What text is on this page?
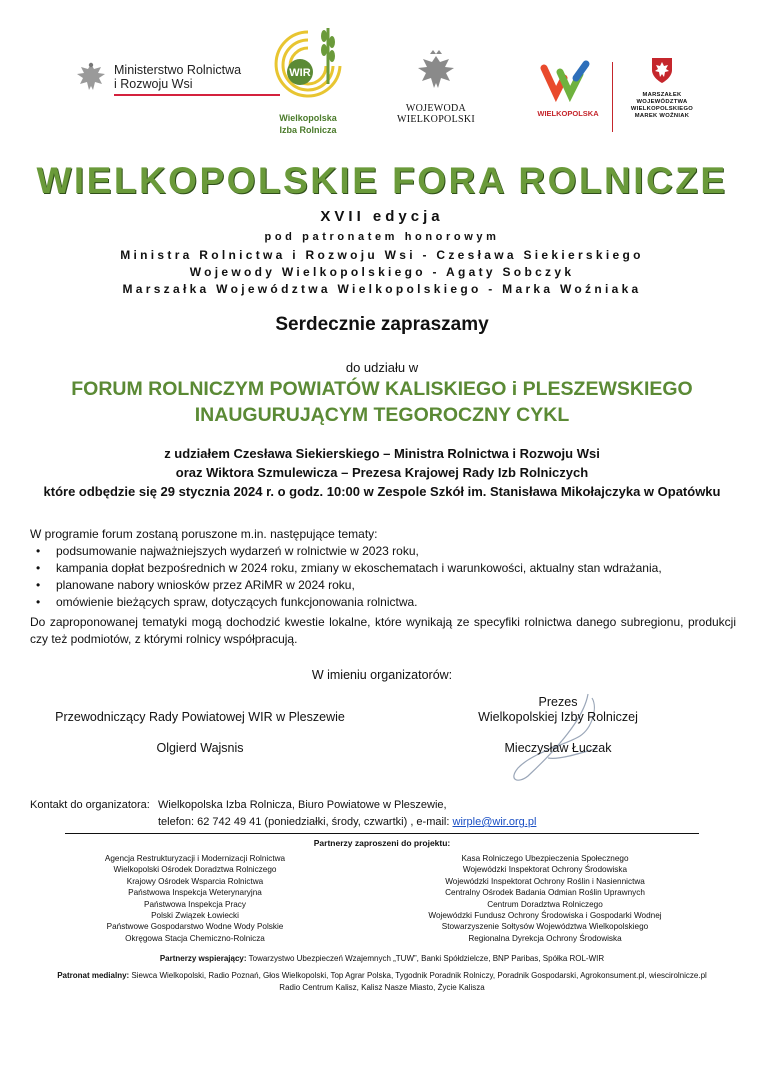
Ministerstwo Rolnictwa
i Rozwoju Wsi
WIR
Wielkopolska
Izba Rolnicza
WOJEWODA WIELKOPOLSKI
WIELKOPOLSKA
MARSZAŁEK
WOJEWÓDZTWA
WIELKOPOLSKIEGO
MAREK WOŹNIAK
WIELKOPOLSKIE FORA ROLNICZE
XVII edycja
pod patronatem honorowym
Ministra Rolnictwa i Rozwoju Wsi - Czesława Siekierskiego
Wojewody Wielkopolskiego - Agaty Sobczyk
Marszałka Województwa Wielkopolskiego - Marka Woźniaka
Serdecznie zapraszamy
do udziału w
FORUM ROLNICZYM POWIATÓW KALISKIEGO i PLESZEWSKIEGO
INAUGURUJĄCYM TEGOROCZNY CYKL
z udziałem Czesława Siekierskiego – Ministra Rolnictwa i Rozwoju Wsi
oraz Wiktora Szmulewicza – Prezesa Krajowej Rady Izb Rolniczych
które odbędzie się 29 stycznia 2024 r. o godz. 10:00 w Zespole Szkół im. Stanisława Mikołajczyka w Opatówku
W programie forum zostaną poruszone m.in. następujące tematy:
• podsumowanie najważniejszych wydarzeń w rolnictwie w 2023 roku,
• kampania dopłat bezpośrednich w 2024 roku, zmiany w ekoschematach i warunkowości, aktualny stan wdrażania,
• planowane nabory wniosków przez ARiMR w 2024 roku,
• omówienie bieżących spraw, dotyczących funkcjonowania rolnictwa.
Do zaproponowanej tematyki mogą dochodzić kwestie lokalne, które wynikają ze specyfiki rolnictwa danego subregionu, produkcji czy też podmiotów, z którymi rolnicy współpracują.
W imieniu organizatorów:
Przewodniczący Rady Powiatowej WIR w Pleszewie
Olgierd Wajsnis
Prezes
Wielkopolskiej Izby Rolniczej
Mieczysław Łuczak
Kontakt do organizatora: Wielkopolska Izba Rolnicza, Biuro Powiatowe w Pleszewie,
telefon: 62 742 49 41 (poniedziałki, środy, czwartki) , e-mail: wirple@wir.org.pl
Partnerzy zaproszeni do projektu:
Agencja Restrukturyzacji i Modernizacji Rolnictwa
Wielkopolski Ośrodek Doradztwa Rolniczego
Krajowy Ośrodek Wsparcia Rolnictwa
Państwowa Inspekcja Weterynaryjna
Państwowa Inspekcja Pracy
Polski Związek Łowiecki
Państwowe Gospodarstwo Wodne Wody Polskie
Okręgowa Stacja Chemiczno-Rolnicza
Kasa Rolniczego Ubezpieczenia Społecznego
Wojewódzki Inspektorat Ochrony Środowiska
Wojewódzki Inspektorat Ochrony Roślin i Nasiennictwa
Centralny Ośrodek Badania Odmian Roślin Uprawnych
Centrum Doradztwa Rolniczego
Wojewódzki Fundusz Ochrony Środowiska i Gospodarki Wodnej
Stowarzyszenie Sołtysów Województwa Wielkopolskiego
Regionalna Dyrekcja Ochrony Środowiska
Partnerzy wspierający: Towarzystwo Ubezpieczeń Wzajemnych „TUW”, Banki Spółdzielcze, BNP Paribas, Spółka ROL-WIR
Patronat medialny: Siewca Wielkopolski, Radio Poznań, Głos Wielkopolski, Top Agrar Polska, Tygodnik Poradnik Rolniczy, Poradnik Gospodarski, Agrokonsument.pl, wiescirolnicze.pl
Radio Centrum Kalisz, Kalisz Nasze Miasto, Życie Kalisza
